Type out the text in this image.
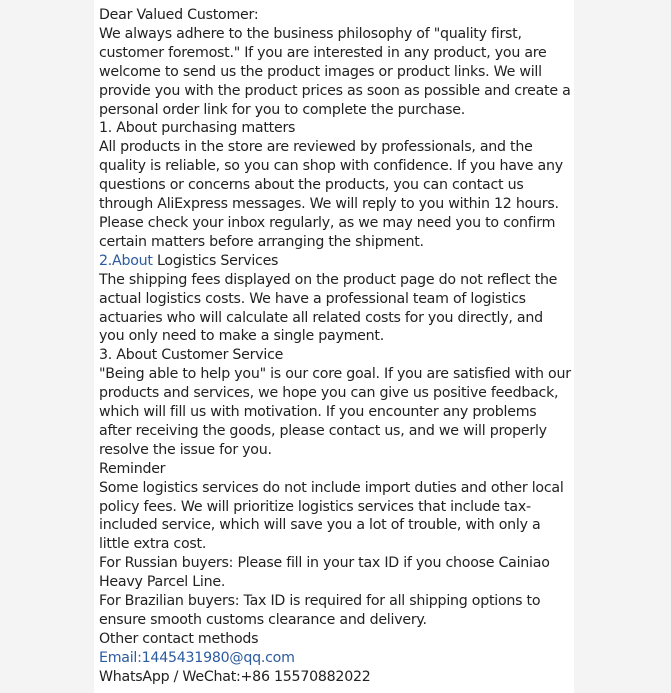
Dear Valued Customer:

We always adhere to the business philosophy of "quality first, customer foremost." If you are interested in any product, you are welcome to send us the product images or product links. We will provide you with the product prices as soon as possible and create a personal order link for you to complete the purchase.

1. About purchasing matters

All products in the store are reviewed by professionals, and the quality is reliable, so you can shop with confidence. If you have any questions or concerns about the products, you can contact us through AliExpress messages. We will reply to you within 12 hours. Please check your inbox regularly, as we may need you to confirm certain matters before arranging the shipment.

2.About Logistics Services

The shipping fees displayed on the product page do not reflect the actual logistics costs. We have a professional team of logistics actuaries who will calculate all related costs for you directly, and you only need to make a single payment.

3. About Customer Service

"Being able to help you" is our core goal. If you are satisfied with our products and services, we hope you can give us positive feedback, which will fill us with motivation. If you encounter any problems after receiving the goods, please contact us, and we will properly resolve the issue for you.

Reminder

Some logistics services do not include import duties and other local policy fees. We will prioritize logistics services that include tax-included service, which will save you a lot of trouble, with only a little extra cost.

For Russian buyers: Please fill in your tax ID if you choose Cainiao Heavy Parcel Line.

For Brazilian buyers: Tax ID is required for all shipping options to ensure smooth customs clearance and delivery.

Other contact methods

Email:1445431980@qq.com

WhatsApp / WeChat:+86 15570882022
